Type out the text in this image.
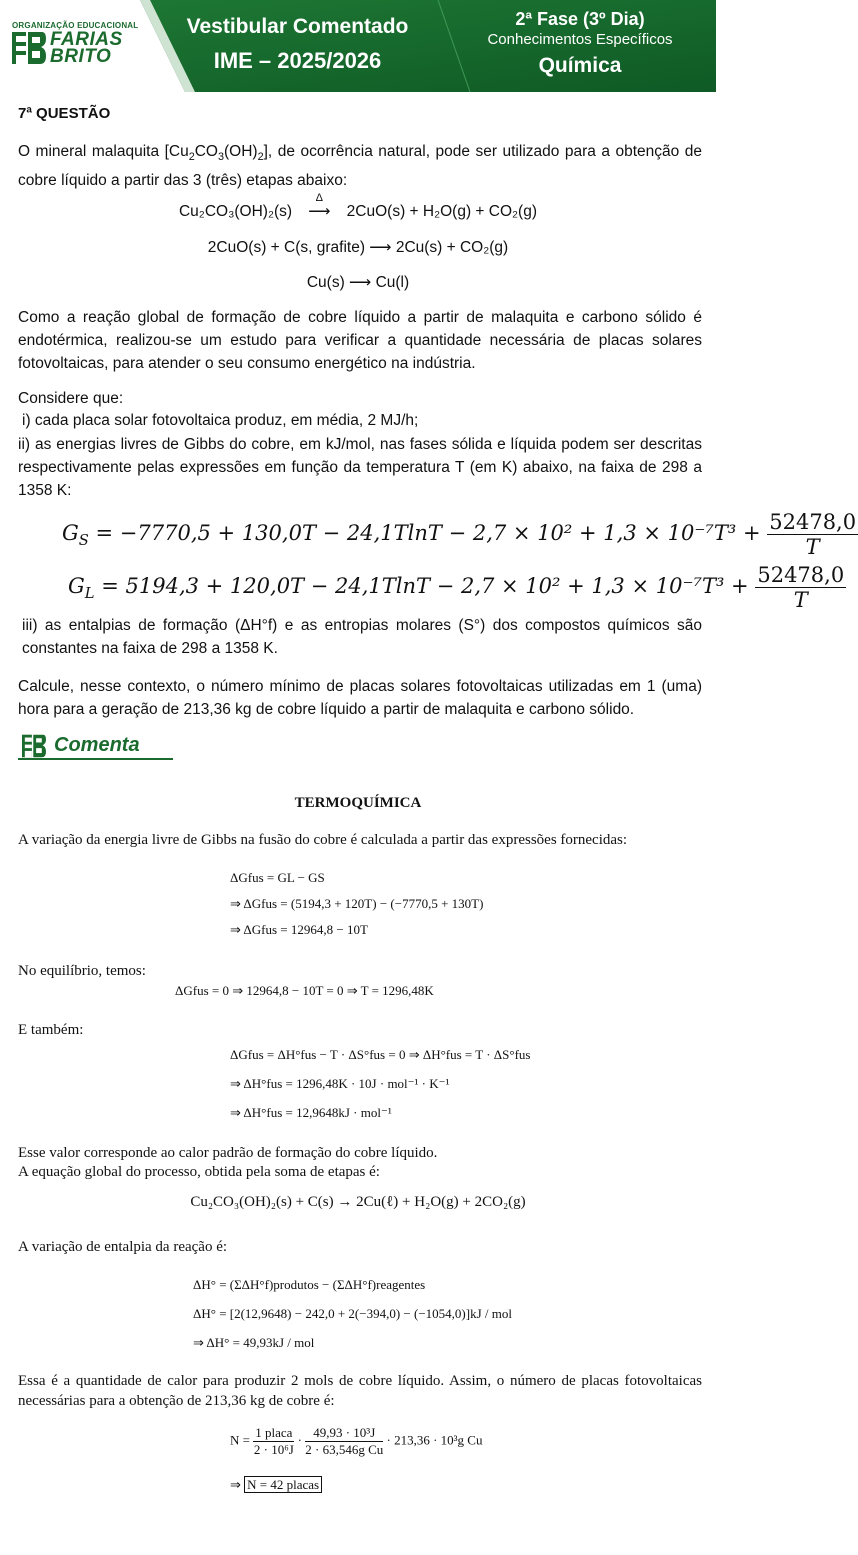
ORGANIZAÇÃO EDUCACIONAL
FARIAS
BRITO
Vestibular Comentado
IME – 2025/2026
2ª Fase (3º Dia)
Conhecimentos Específicos
Química
7ª QUESTÃO
O mineral malaquita $[Cu_2CO_3(OH)_2]$, de ocorrência natural, pode ser utilizado para a obtenção de cobre líquido a partir das 3 (três) etapas abaixo:
Cu₂CO₃(OH)₂(s)
Δ
⟶ 2CuO(s) + H₂O(g) + CO₂(g)
2CuO(s) + C(s, grafite) ⟶ 2Cu(s) + CO₂(g)
Cu(s) ⟶ Cu(l)
Como a reação global de formação de cobre líquido a partir de malaquita e carbono sólido é endotérmica, realizou-se um estudo para verificar a quantidade necessária de placas solares fotovoltaicas, para atender o seu consumo energético na indústria.
Considere que:
i) cada placa solar fotovoltaica produz, em média, 2 MJ/h;
ii) as energias livres de Gibbs do cobre, em kJ/mol, nas fases sólida e líquida podem ser descritas respectivamente pelas expressões em função da temperatura T (em K) abaixo, na faixa de 298 a 1358 K:
$G_S = -7770,5 + 130,0T - 24,1TlnT - 2,7 \times 10^2 + 1,3 \times 10^{-7}T^3 + \frac{52478,0}{T}$
$G_L = 5194,3 + 120,0T - 24,1TlnT - 2,7 \times 10^2 + 1,3 \times 10^{-7}T^3 + \frac{52478,0}{T}$
iii) as entalpias de formação (ΔH°f) e as entropias molares (S°) dos compostos químicos são constantes na faixa de 298 a 1358 K.
Calcule, nesse contexto, o número mínimo de placas solares fotovoltaicas utilizadas em 1 (uma) hora para a geração de 213,36 kg de cobre líquido a partir de malaquita e carbono sólido.
Comenta
TERMOQUÍMICA
A variação da energia livre de Gibbs na fusão do cobre é calculada a partir das expressões fornecidas:
ΔGfus = GL − GS
⇒ ΔGfus = (5194,3 + 120T) − (−7770,5 + 130T)
⇒ ΔGfus = 12964,8 − 10T
No equilíbrio, temos:
ΔGfus = 0 ⇒ 12964,8 − 10T = 0 ⇒ T = 1296,48K
E também:
ΔGfus = ΔH°fus − T · ΔS°fus = 0 ⇒ ΔH°fus = T · ΔS°fus
⇒ ΔH°fus = 1296,48K · 10J · mol⁻¹ · K⁻¹
⇒ ΔH°fus = 12,9648kJ · mol⁻¹
Esse valor corresponde ao calor padrão de formação do cobre líquido.
A equação global do processo, obtida pela soma de etapas é:
Cu₂CO₃(OH)₂(s) + C(s) → 2Cu(ℓ) + H₂O(g) + 2CO₂(g)
A variação de entalpia da reação é:
ΔH° = (ΣΔH°f)produtos − (ΣΔH°f)reagentes
ΔH° = [2(12,9648) − 242,0 + 2(−394,0) − (−1054,0)]kJ / mol
⇒ ΔH° = 49,93kJ / mol
Essa é a quantidade de calor para produzir 2 mols de cobre líquido. Assim, o número de placas fotovoltaicas necessárias para a obtenção de 213,36 kg de cobre é:
$N = \frac{\text{1 placa}}{\text{2 · 10⁶J}} \cdot \frac{\text{49,93 · 10³J}}{\text{2 · 63,546g Cu}} \cdot 213,36 \cdot 10^3g$ Cu
⇒ N = 42 placas
